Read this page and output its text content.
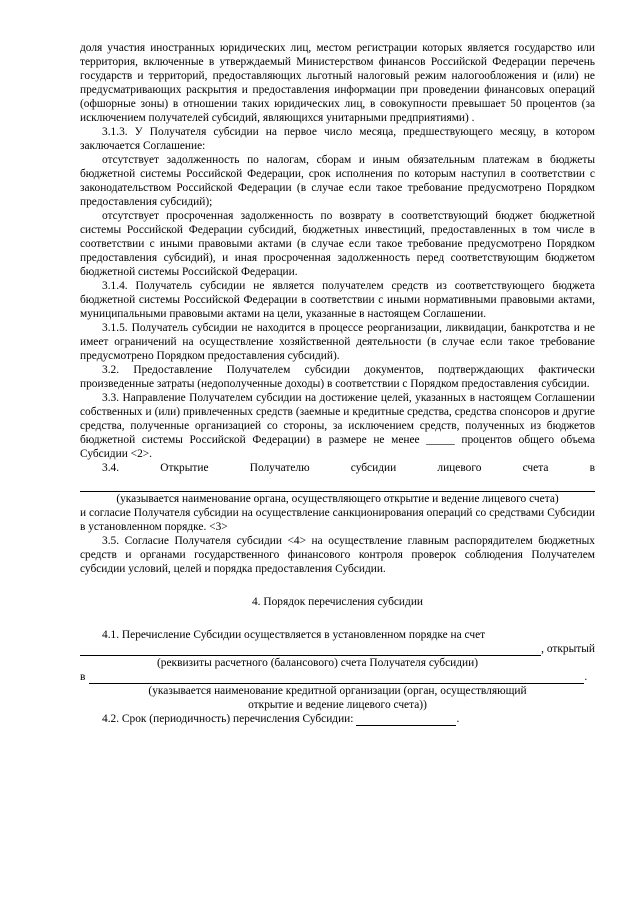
доля участия иностранных юридических лиц, местом регистрации которых является государство или территория, включенные в утверждаемый Министерством финансов Российской Федерации перечень государств и территорий, предоставляющих льготный налоговый режим налогообложения и (или) не предусматривающих раскрытия и предоставления информации при проведении финансовых операций (офшорные зоны) в отношении таких юридических лиц, в совокупности превышает 50 процентов (за исключением получателей субсидий, являющихся унитарными предприятиями) .

3.1.3. У Получателя субсидии на первое число месяца, предшествующего месяцу, в котором заключается Соглашение:

отсутствует задолженность по налогам, сборам и иным обязательным платежам в бюджеты бюджетной системы Российской Федерации, срок исполнения по которым наступил в соответствии с законодательством Российской Федерации (в случае если такое требование предусмотрено Порядком предоставления субсидий);

отсутствует просроченная задолженность по возврату в соответствующий бюджет бюджетной системы Российской Федерации субсидий, бюджетных инвестиций, предоставленных в том числе в соответствии с иными правовыми актами (в случае если такое требование предусмотрено Порядком предоставления субсидий), и иная просроченная задолженность перед соответствующим бюджетом бюджетной системы Российской Федерации.

3.1.4. Получатель субсидии не является получателем средств из соответствующего бюджета бюджетной системы Российской Федерации в соответствии с иными нормативными правовыми актами, муниципальными правовыми актами на цели, указанные в настоящем Соглашении.

3.1.5. Получатель субсидии не находится в процессе реорганизации, ликвидации, банкротства и не имеет ограничений на осуществление хозяйственной деятельности (в случае если такое требование предусмотрено Порядком предоставления субсидий).

3.2. Предоставление Получателем субсидии документов, подтверждающих фактически произведенные затраты (недополученные доходы) в соответствии с Порядком предоставления субсидии.

3.3. Направление Получателем субсидии на достижение целей, указанных в настоящем Соглашении собственных и (или) привлеченных средств (заемные и кредитные средства, средства спонсоров и другие средства, полученные организацией со стороны, за исключением средств, полученных из бюджетов бюджетной системы Российской Федерации) в размере не менее _____ процентов общего объема Субсидии <2>.

3.4.	Открытие	Получателю	субсидии	лицевого	счета	в

(указывается наименование органа, осуществляющего открытие и ведение лицевого счета)

и согласие Получателя субсидии на осуществление санкционирования операций со средствами Субсидии в установленном порядке. <3>

3.5. Согласие Получателя субсидии <4> на осуществление главным распорядителем бюджетных средств и органами государственного финансового контроля проверок соблюдения Получателем субсидии условий, целей и порядка предоставления Субсидии.

4. Порядок перечисления субсидии

4.1. Перечисление Субсидии осуществляется в установленном порядке на счет

, открытый

(реквизиты расчетного (балансового) счета Получателя субсидии)

в	.

(указывается наименование кредитной организации (орган, осуществляющий

открытие и ведение лицевого счета))

4.2. Срок (периодичность) перечисления Субсидии:	.
